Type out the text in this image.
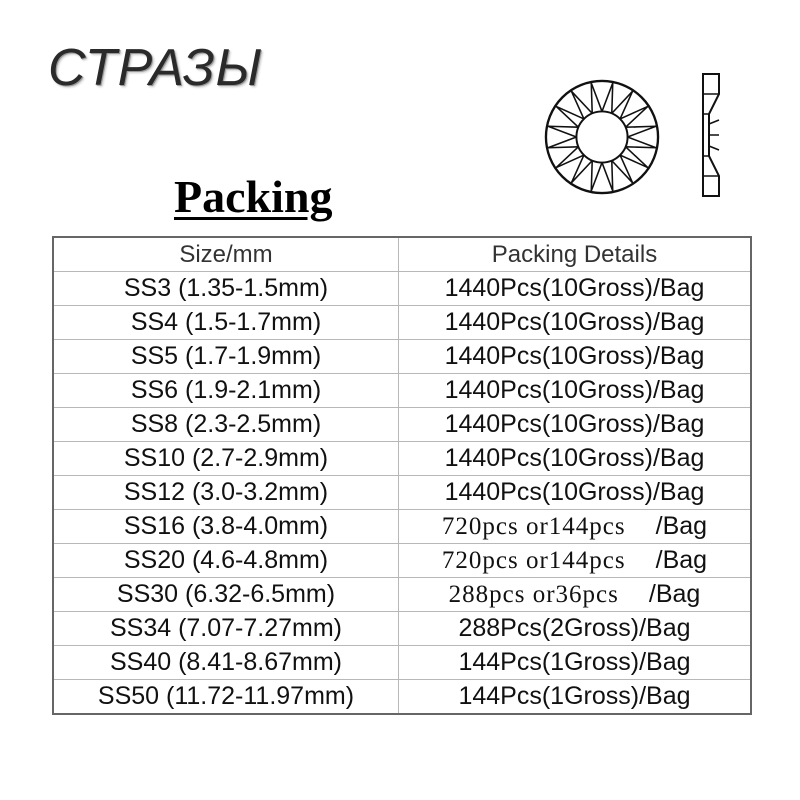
СТРАЗЫ
Packing
Size/mm	Packing Details
SS3 (1.35-1.5mm)	1440Pcs(10Gross)/Bag
SS4 (1.5-1.7mm)	1440Pcs(10Gross)/Bag
SS5 (1.7-1.9mm)	1440Pcs(10Gross)/Bag
SS6 (1.9-2.1mm)	1440Pcs(10Gross)/Bag
SS8 (2.3-2.5mm)	1440Pcs(10Gross)/Bag
SS10 (2.7-2.9mm)	1440Pcs(10Gross)/Bag
SS12 (3.0-3.2mm)	1440Pcs(10Gross)/Bag
SS16 (3.8-4.0mm)	720pcs or144pcs /Bag
SS20 (4.6-4.8mm)	720pcs or144pcs /Bag
SS30 (6.32-6.5mm)	288pcs or36pcs /Bag
SS34 (7.07-7.27mm)	288Pcs(2Gross)/Bag
SS40 (8.41-8.67mm)	144Pcs(1Gross)/Bag
SS50 (11.72-11.97mm)	144Pcs(1Gross)/Bag
